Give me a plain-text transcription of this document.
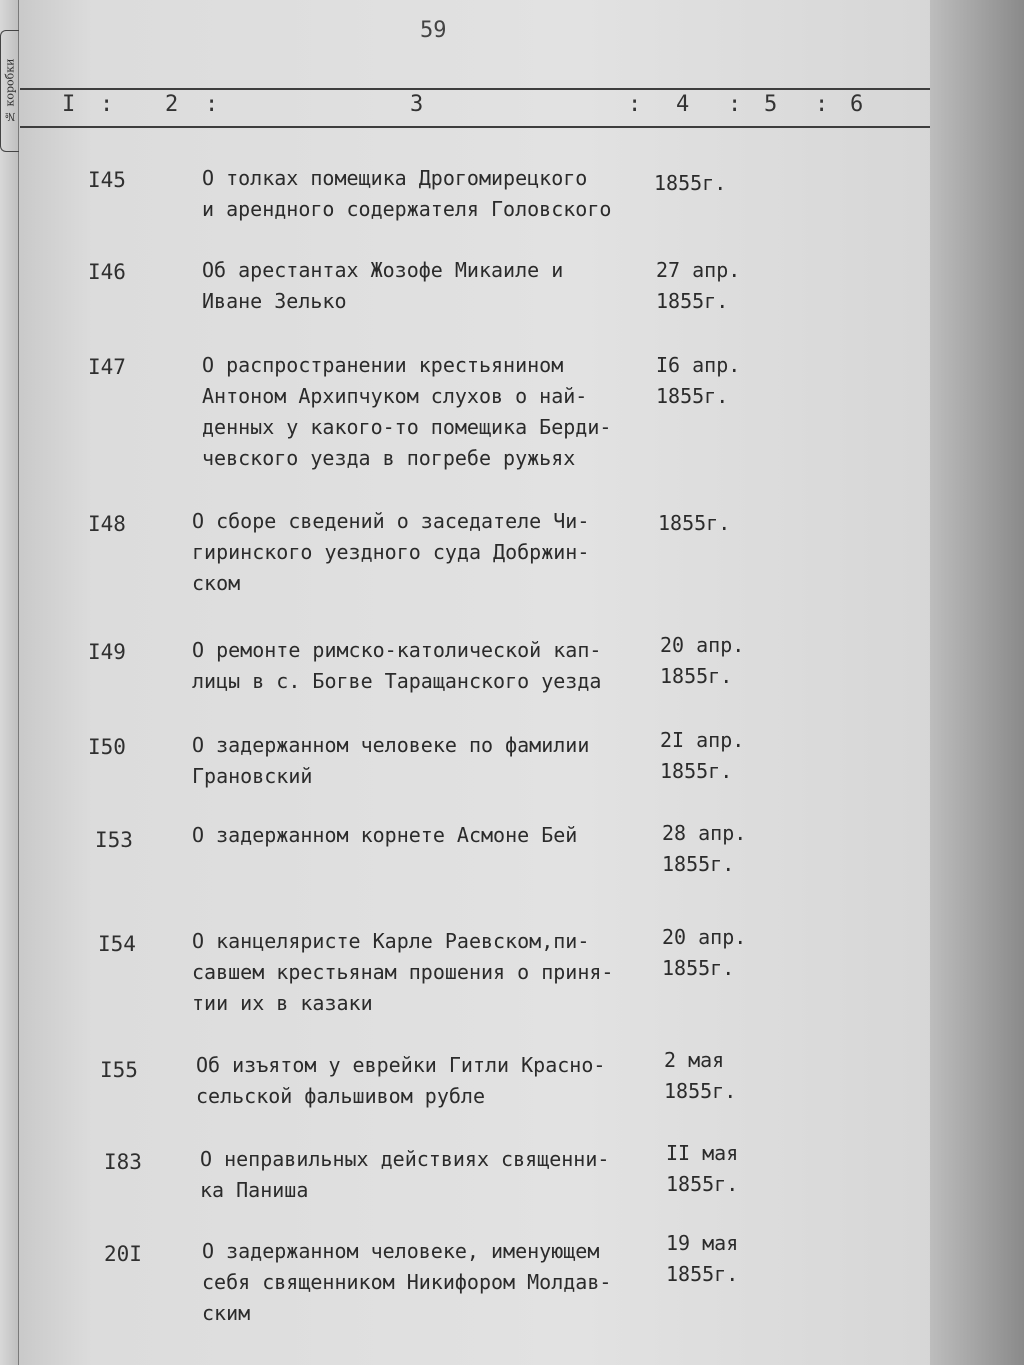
№ коробки
59
I : 2 :	3	: 4 : 5 : 6
I45	О толках помещика Дрогомирецкого
и арендного содержателя Головского
1855г.
I46	Об арестантах Жозофе Микаиле и
Иване Зелько
27 апр.
1855г.
I47	О распространении крестьянином
Антоном Архипчуком слухов о най-
денных у какого-то помещика Берди-
чевского уезда в погребе ружьях
I6 апр.
1855г.
I48	О сборе сведений о заседателе Чи-
гиринского уездного суда Добржин-
ском
1855г.
I49	О ремонте римско-католической кап-
лицы в с. Богве Таращанского уезда
20 апр.
1855г.
I50	О задержанном человеке по фамилии
Грановский
2I апр.
1855г.
I53	О задержанном корнете Асмоне Бей	28 апр.
1855г.
I54	О канцеляристе Карле Раевском,пи-
савшем крестьянам прошения о приня-
тии их в казаки
20 апр.
1855г.
I55	Об изъятом у еврейки Гитли Красно-
сельской фальшивом рубле
2 мая
1855г.
I83	О неправильных действиях священни-
ка Паниша
II мая
1855г.
20I	О задержанном человеке, именующем
себя священником Никифором Молдав-
ским
19 мая
1855г.
